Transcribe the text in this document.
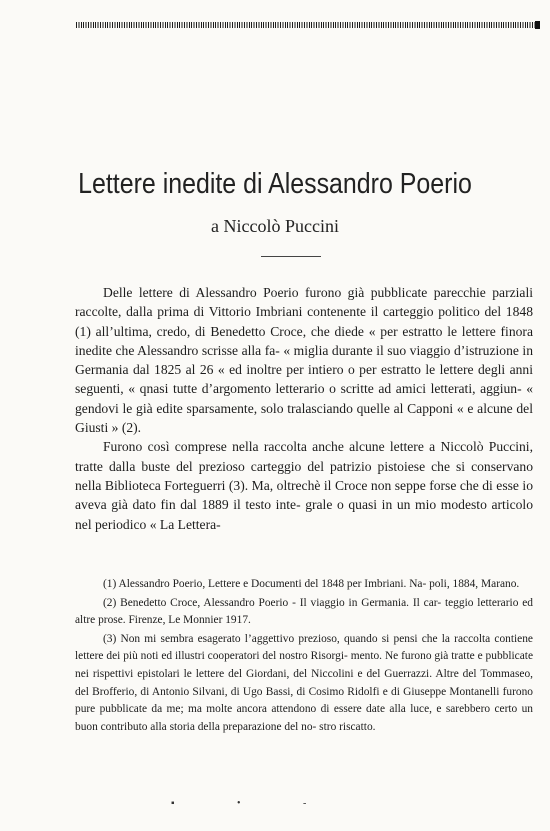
Lettere inedite di Alessandro Poerio
a Niccolò Puccini

Delle lettere di Alessandro Poerio furono già pubblicate parecchie parziali raccolte, dalla prima di Vittorio Imbriani contenente il carteggio politico del 1848 (1) all’ultima, credo, di Benedetto Croce, che diede « per estratto le lettere finora inedite che Alessandro scrisse alla fa- « miglia durante il suo viaggio d’istruzione in Germania dal 1825 al 26 « ed inoltre per intiero o per estratto le lettere degli anni seguenti, « qnasi tutte d’argomento letterario o scritte ad amici letterati, aggiun- « gendovi le già edite sparsamente, solo tralasciando quelle al Capponi « e alcune del Giusti » (2).

Furono così comprese nella raccolta anche alcune lettere a Niccolò Puccini, tratte dalla buste del prezioso carteggio del patrizio pistoiese che si conservano nella Biblioteca Forteguerri (3). Ma, oltrechè il Croce non seppe forse che di esse io aveva già dato fin dal 1889 il testo inte- grale o quasi in un mio modesto articolo nel periodico « La Lettera-

(1) Alessandro Poerio, Lettere e Documenti del 1848 per Imbriani. Na- poli, 1884, Marano.

(2) Benedetto Croce, Alessandro Poerio - Il viaggio in Germania. Il car- teggio letterario ed altre prose. Firenze, Le Monnier 1917.

(3) Non mi sembra esagerato l’aggettivo prezioso, quando si pensi che la raccolta contiene lettere dei più noti ed illustri cooperatori del nostro Risorgi- mento. Ne furono già tratte e pubblicate nei rispettivi epistolari le lettere del Giordani, del Niccolini e del Guerrazzi. Altre del Tommaseo, del Brofferio, di Antonio Silvani, di Ugo Bassi, di Cosimo Ridolfi e di Giuseppe Montanelli furono pure pubblicate da me; ma molte ancora attendono di essere date alla luce, e sarebbero certo un buon contributo alla storia della preparazione del no- stro riscatto.

▪ • -
